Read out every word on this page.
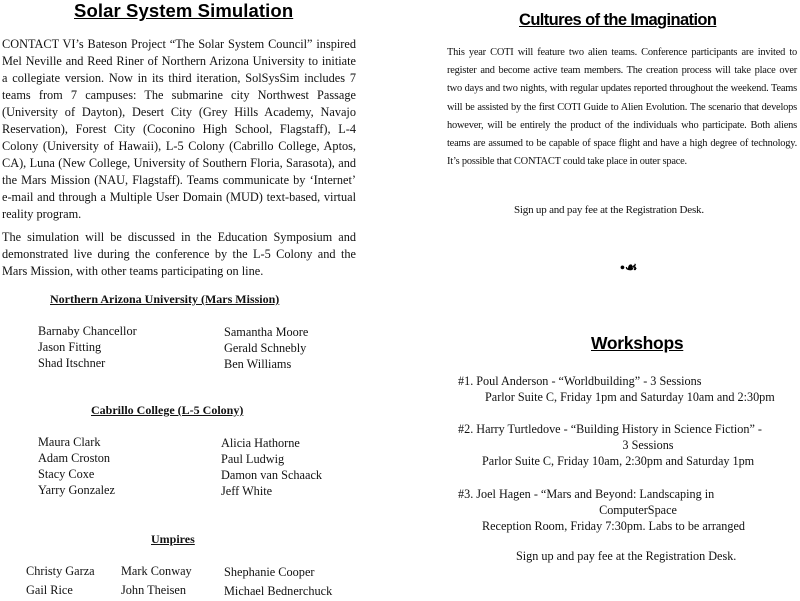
Solar System Simulation

CONTACT VI’s Bateson Project “The Solar System Council” inspired Mel Neville and Reed Riner of Northern Arizona University to initiate a collegiate version. Now in its third iteration, SolSysSim includes 7 teams from 7 campuses: The submarine city Northwest Passage (University of Dayton), Desert City (Grey Hills Academy, Navajo Reservation), Forest City (Coconino High School, Flagstaff), L-4 Colony (University of Hawaii), L-5 Colony (Cabrillo College, Aptos, CA), Luna (New College, University of Southern Floria, Sarasota), and the Mars Mission (NAU, Flagstaff). Teams communicate by ‘Internet’ e-mail and through a Multiple User Domain (MUD) text-based, virtual reality program.

The simulation will be discussed in the Education Symposium and demonstrated live during the conference by the L-5 Colony and the Mars Mission, with other teams participating on line.

Northern Arizona University (Mars Mission)
Barnaby Chancellor
Jason Fitting
Shad Itschner
Samantha Moore
Gerald Schnebly
Ben Williams
Cabrillo College (L-5 Colony)
Maura Clark
Adam Croston
Stacy Coxe
Yarry Gonzalez
Alicia Hathorne
Paul Ludwig
Damon van Schaack
Jeff White
Umpires
Christy Garza
Gail Rice
Mark Conway
John Theisen
Shephanie Cooper
Michael Bednerchuck
Cultures of the Imagination

This year COTI will feature two alien teams. Conference participants are invited to register and become active team members. The creation process will take place over two days and two nights, with regular updates reported throughout the weekend. Teams will be assisted by the first COTI Guide to Alien Evolution. The scenario that develops however, will be entirely the product of the individuals who participate. Both aliens teams are assumed to be capable of space flight and have a high degree of technology. It’s possible that CONTACT could take place in outer space.

Sign up and pay fee at the Registration Desk.
•☙
Workshops
#1. Poul Anderson - “Worldbuilding” - 3 Sessions
Parlor Suite C, Friday 1pm and Saturday 10am and 2:30pm
#2. Harry Turtledove - “Building History in Science Fiction” -
3 Sessions
Parlor Suite C, Friday 10am, 2:30pm and Saturday 1pm
#3. Joel Hagen - “Mars and Beyond: Landscaping in
ComputerSpace
Reception Room, Friday 7:30pm. Labs to be arranged
Sign up and pay fee at the Registration Desk.
